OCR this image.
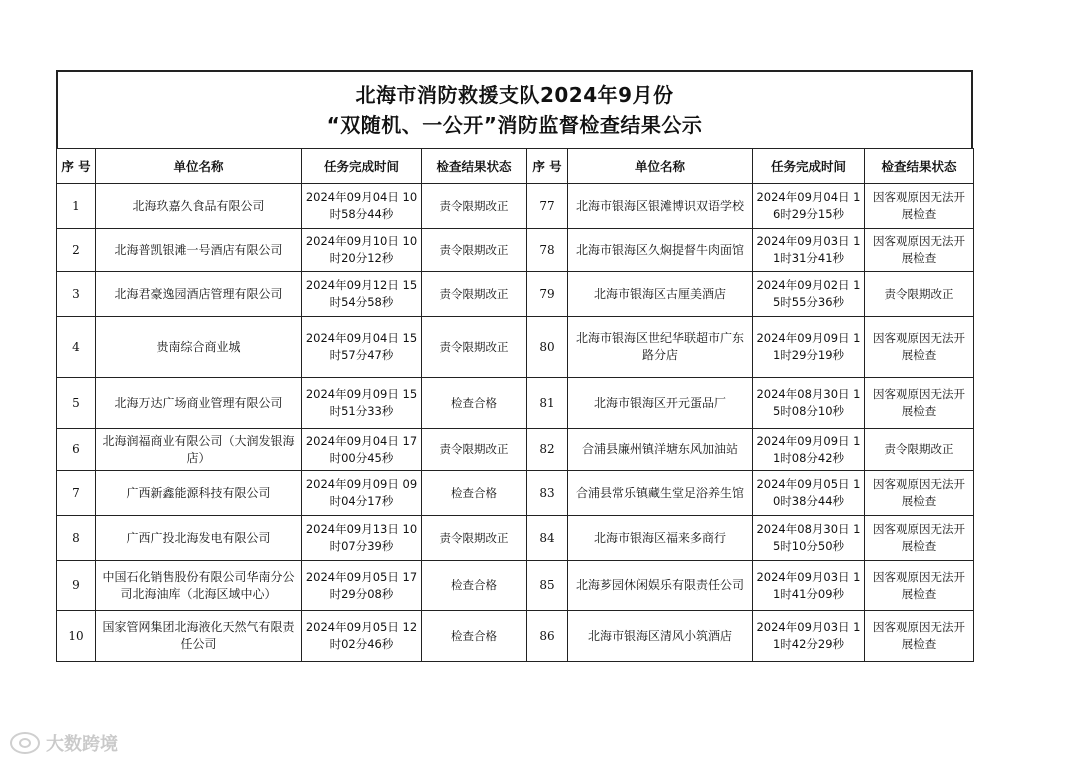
北海市消防救援支队2024年9月份
“双随机、一公开”消防监督检查结果公示
序 号	单位名称	任务完成时间	检查结果状态	序 号	单位名称	任务完成时间	检查结果状态
1	北海玖嘉久食品有限公司	2024年09月04日 10时58分44秒	责令限期改正	77	北海市银海区银滩博识双语学校	2024年09月04日 16时29分15秒	因客观原因无法开展检查
2	北海普凯银滩一号酒店有限公司	2024年09月10日 10时20分12秒	责令限期改正	78	北海市银海区久焖提督牛肉面馆	2024年09月03日 11时31分41秒	因客观原因无法开展检查
3	北海君豪逸园酒店管理有限公司	2024年09月12日 15时54分58秒	责令限期改正	79	北海市银海区古厘美酒店	2024年09月02日 15时55分36秒	责令限期改正
4	贵南综合商业城	2024年09月04日 15时57分47秒	责令限期改正	80	北海市银海区世纪华联超市广东路分店	2024年09月09日 11时29分19秒	因客观原因无法开展检查
5	北海万达广场商业管理有限公司	2024年09月09日 15时51分33秒	检查合格	81	北海市银海区开元蛋品厂	2024年08月30日 15时08分10秒	因客观原因无法开展检查
6	北海润福商业有限公司（大润发银海店）	2024年09月04日 17时00分45秒	责令限期改正	82	合浦县廉州镇洋塘东风加油站	2024年09月09日 11时08分42秒	责令限期改正
7	广西新鑫能源科技有限公司	2024年09月09日 09时04分17秒	检查合格	83	合浦县常乐镇藏生堂足浴养生馆	2024年09月05日 10时38分44秒	因客观原因无法开展检查
8	广西广投北海发电有限公司	2024年09月13日 10时07分39秒	责令限期改正	84	北海市银海区福来多商行	2024年08月30日 15时10分50秒	因客观原因无法开展检查
9	中国石化销售股份有限公司华南分公司北海油库（北海区域中心）	2024年09月05日 17时29分08秒	检查合格	85	北海芗园休闲娱乐有限责任公司	2024年09月03日 11时41分09秒	因客观原因无法开展检查
10	国家管网集团北海液化天然气有限责任公司	2024年09月05日 12时02分46秒	检查合格	86	北海市银海区清风小筑酒店	2024年09月03日 11时42分29秒	因客观原因无法开展检查
大数跨境
